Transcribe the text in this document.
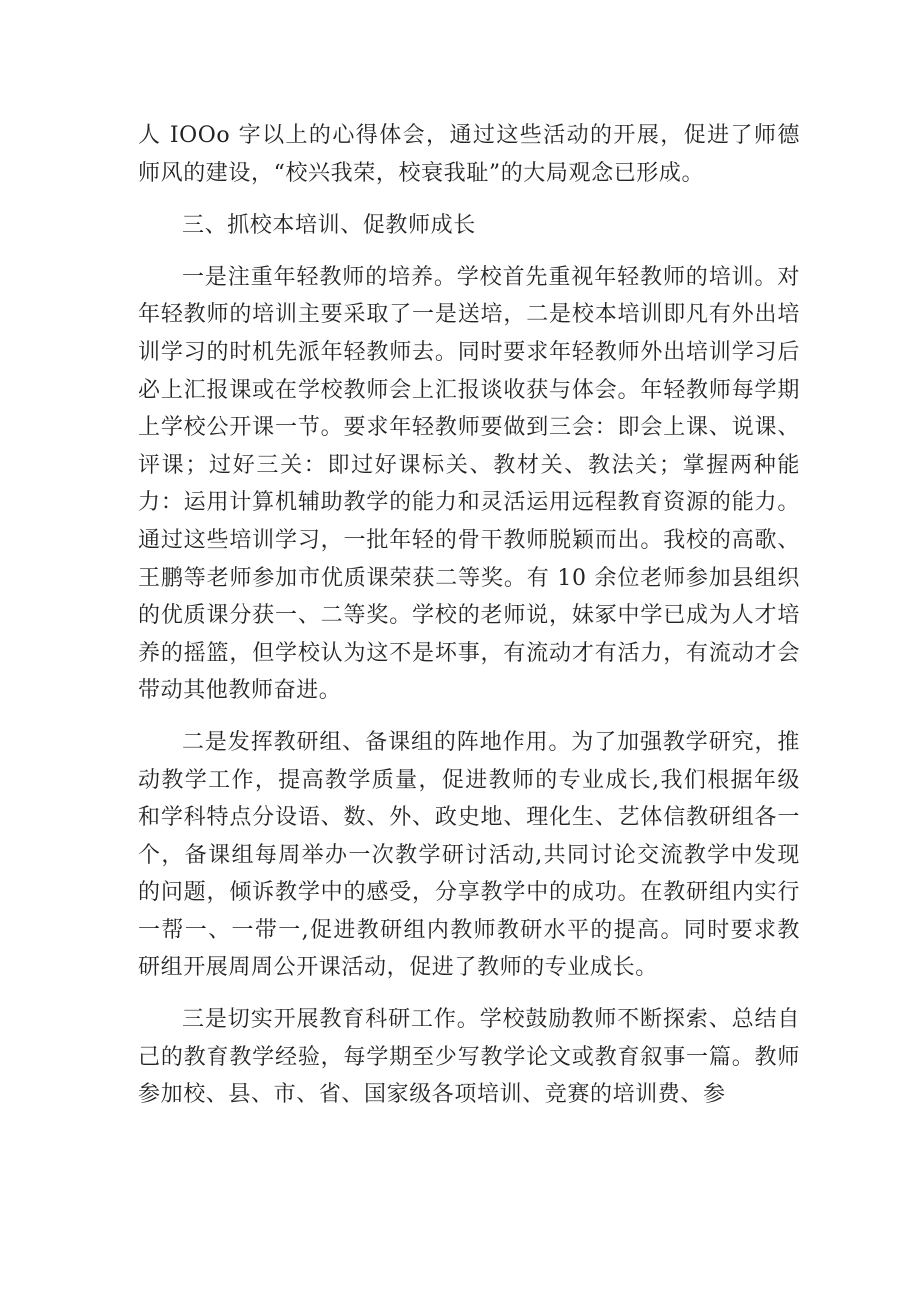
人 IOOo 字以上的心得体会，通过这些活动的开展，促进了师德师风的建设，“校兴我荣，校衰我耻”的大局观念已形成。

三、抓校本培训、促教师成长

一是注重年轻教师的培养。学校首先重视年轻教师的培训。对年轻教师的培训主要采取了一是送培，二是校本培训即凡有外出培训学习的时机先派年轻教师去。同时要求年轻教师外出培训学习后必上汇报课或在学校教师会上汇报谈收获与体会。年轻教师每学期上学校公开课一节。要求年轻教师要做到三会：即会上课、说课、评课；过好三关：即过好课标关、教材关、教法关；掌握两种能力：运用计算机辅助教学的能力和灵活运用远程教育资源的能力。通过这些培训学习，一批年轻的骨干教师脱颖而出。我校的高歌、王鹏等老师参加市优质课荣获二等奖。有 10 余位老师参加县组织的优质课分获一、二等奖。学校的老师说，妹冢中学已成为人才培养的摇篮，但学校认为这不是坏事，有流动才有活力，有流动才会带动其他教师奋进。

二是发挥教研组、备课组的阵地作用。为了加强教学研究，推动教学工作，提高教学质量，促进教师的专业成长,我们根据年级和学科特点分设语、数、外、政史地、理化生、艺体信教研组各一个，备课组每周举办一次教学研讨活动,共同讨论交流教学中发现的问题，倾诉教学中的感受，分享教学中的成功。在教研组内实行一帮一、一带一,促进教研组内教师教研水平的提高。同时要求教研组开展周周公开课活动，促进了教师的专业成长。

三是切实开展教育科研工作。学校鼓励教师不断探索、总结自己的教育教学经验，每学期至少写教学论文或教育叙事一篇。教师参加校、县、市、省、国家级各项培训、竞赛的培训费、参
